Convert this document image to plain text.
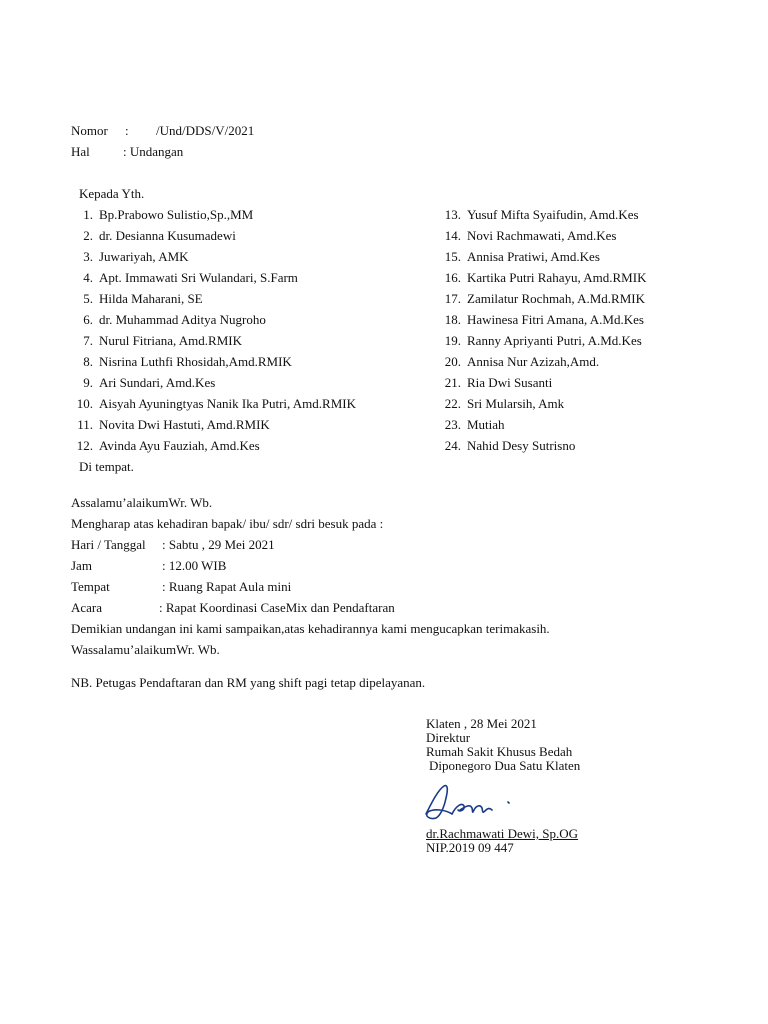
Nomor : /Und/DDS/V/2021
Hal	: Undangan
Kepada Yth.
1. Bp.Prabowo Sulistio,Sp.,MM
2. dr. Desianna Kusumadewi
3. Juwariyah, AMK
4. Apt. Immawati Sri Wulandari, S.Farm
5. Hilda Maharani, SE
6. dr. Muhammad Aditya Nugroho
7. Nurul Fitriana, Amd.RMIK
8. Nisrina Luthfi Rhosidah,Amd.RMIK
9. Ari Sundari, Amd.Kes
10. Aisyah Ayuningtyas Nanik Ika Putri, Amd.RMIK
11. Novita Dwi Hastuti, Amd.RMIK
12. Avinda Ayu Fauziah, Amd.Kes
13. Yusuf Mifta Syaifudin, Amd.Kes
14. Novi Rachmawati, Amd.Kes
15. Annisa Pratiwi, Amd.Kes
16. Kartika Putri Rahayu, Amd.RMIK
17. Zamilatur Rochmah, A.Md.RMIK
18. Hawinesa Fitri Amana, A.Md.Kes
19. Ranny Apriyanti Putri, A.Md.Kes
20. Annisa Nur Azizah,Amd.
21. Ria Dwi Susanti
22. Sri Mularsih, Amk
23. Mutiah
24. Nahid Desy Sutrisno
Di tempat.
Assalamu’alaikumWr. Wb.
Mengharap atas kehadiran bapak/ ibu/ sdr/ sdri besuk pada :
Hari / Tanggal : Sabtu , 29 Mei 2021
Jam	: 12.00 WIB
Tempat	: Ruang Rapat Aula mini
Acara	: Rapat Koordinasi CaseMix dan Pendaftaran
Demikian undangan ini kami sampaikan,atas kehadirannya kami mengucapkan terimakasih.
Wassalamu’alaikumWr. Wb.
NB. Petugas Pendaftaran dan RM yang shift pagi tetap dipelayanan.
Klaten , 28 Mei 2021
Direktur
Rumah Sakit Khusus Bedah
Diponegoro Dua Satu Klaten
dr.Rachmawati Dewi, Sp.OG
NIP.2019 09 447
